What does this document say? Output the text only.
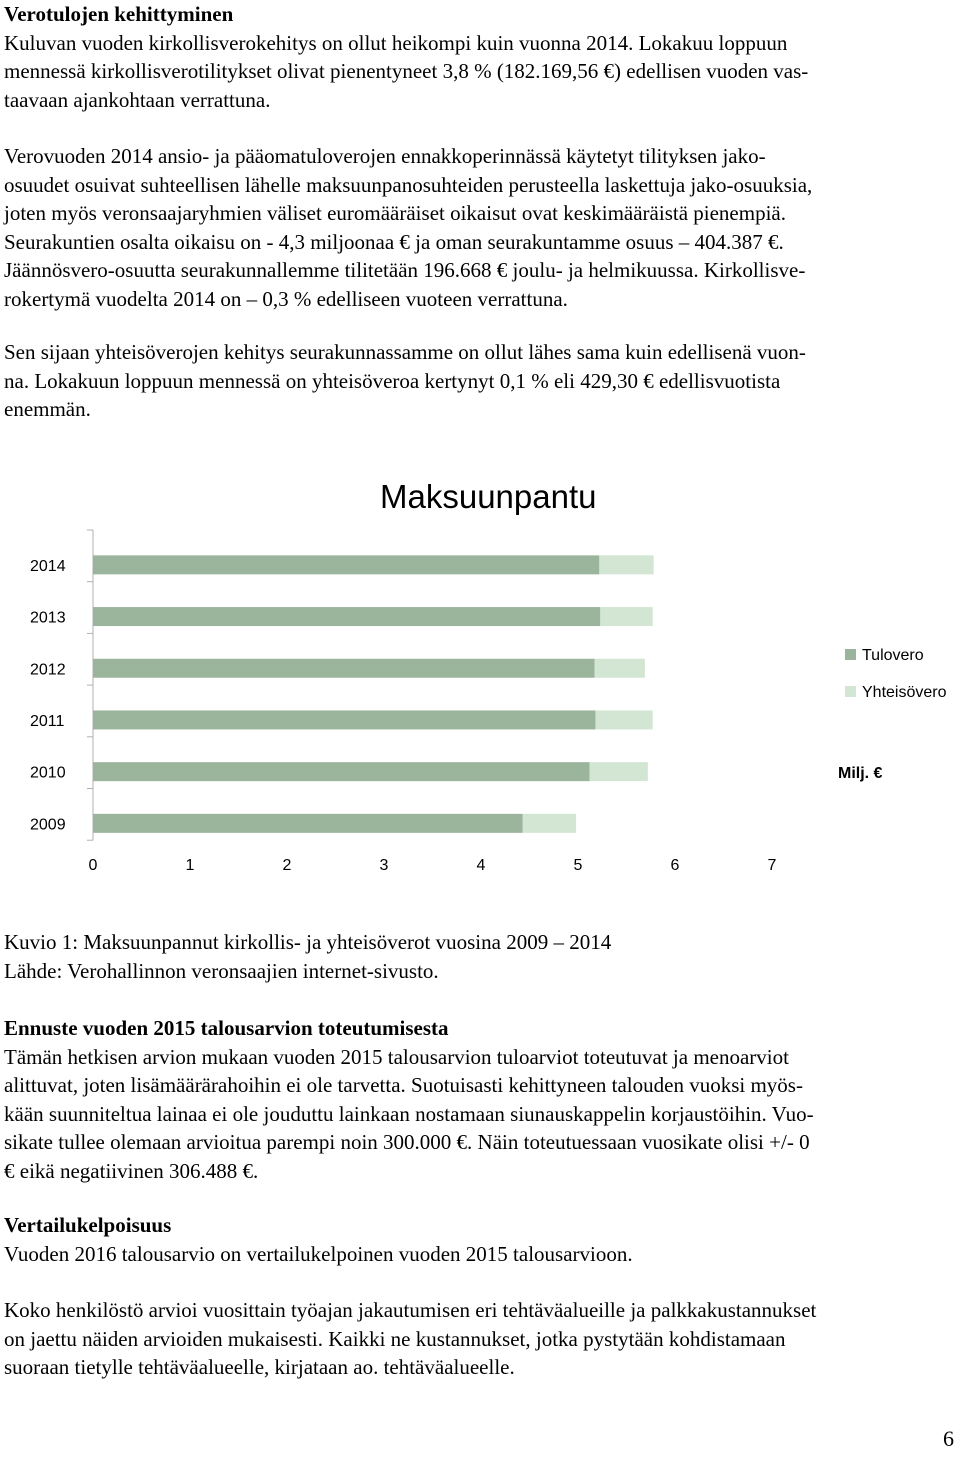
Verotulojen kehittyminen

Kuluvan vuoden kirkollisverokehitys on ollut heikompi kuin vuonna 2014. Lokakuu loppuun

mennessä kirkollisverotilitykset olivat pienentyneet 3,8 % (182.169,56 €) edellisen vuoden vas-

taavaan ajankohtaan verrattuna.

Verovuoden 2014 ansio- ja pääomatuloverojen ennakkoperinnässä käytetyt tilityksen jako-

osuudet osuivat suhteellisen lähelle maksuunpanosuhteiden perusteella laskettuja jako-osuuksia,

joten myös veronsaajaryhmien väliset euromääräiset oikaisut ovat keskimääräistä pienempiä.

Seurakuntien osalta oikaisu on - 4,3 miljoonaa € ja oman seurakuntamme osuus – 404.387 €.

Jäännösvero-osuutta seurakunnallemme tilitetään 196.668 € joulu- ja helmikuussa. Kirkollisve-

rokertymä vuodelta 2014 on – 0,3 % edelliseen vuoteen verrattuna.

Sen sijaan yhteisöverojen kehitys seurakunnassamme on ollut lähes sama kuin edellisenä vuon-

na. Lokakuun loppuun mennessä on yhteisöveroa kertynyt 0,1 % eli 429,30 € edellisvuotista

enemmän.

Maksuunpantu
2014
2013
2012
2011
2010
2009
0	1	2	3	4	5	6	7
Tulovero
Yhteisövero
Milj. €

Kuvio 1: Maksuunpannut kirkollis- ja yhteisöverot vuosina 2009 – 2014

Lähde: Verohallinnon veronsaajien internet-sivusto.

Ennuste vuoden 2015 talousarvion toteutumisesta

Tämän hetkisen arvion mukaan vuoden 2015 talousarvion tuloarviot toteutuvat ja menoarviot

alittuvat, joten lisämäärärahoihin ei ole tarvetta. Suotuisasti kehittyneen talouden vuoksi myös-

kään suunniteltua lainaa ei ole jouduttu lainkaan nostamaan siunauskappelin korjaustöihin. Vuo-

sikate tullee olemaan arvioitua parempi noin 300.000 €. Näin toteutuessaan vuosikate olisi +/- 0

€ eikä negatiivinen 306.488 €.

Vertailukelpoisuus

Vuoden 2016 talousarvio on vertailukelpoinen vuoden 2015 talousarvioon.

Koko henkilöstö arvioi vuosittain työajan jakautumisen eri tehtäväalueille ja palkkakustannukset

on jaettu näiden arvioiden mukaisesti. Kaikki ne kustannukset, jotka pystytään kohdistamaan

suoraan tietylle tehtäväalueelle, kirjataan ao. tehtäväalueelle.

6
